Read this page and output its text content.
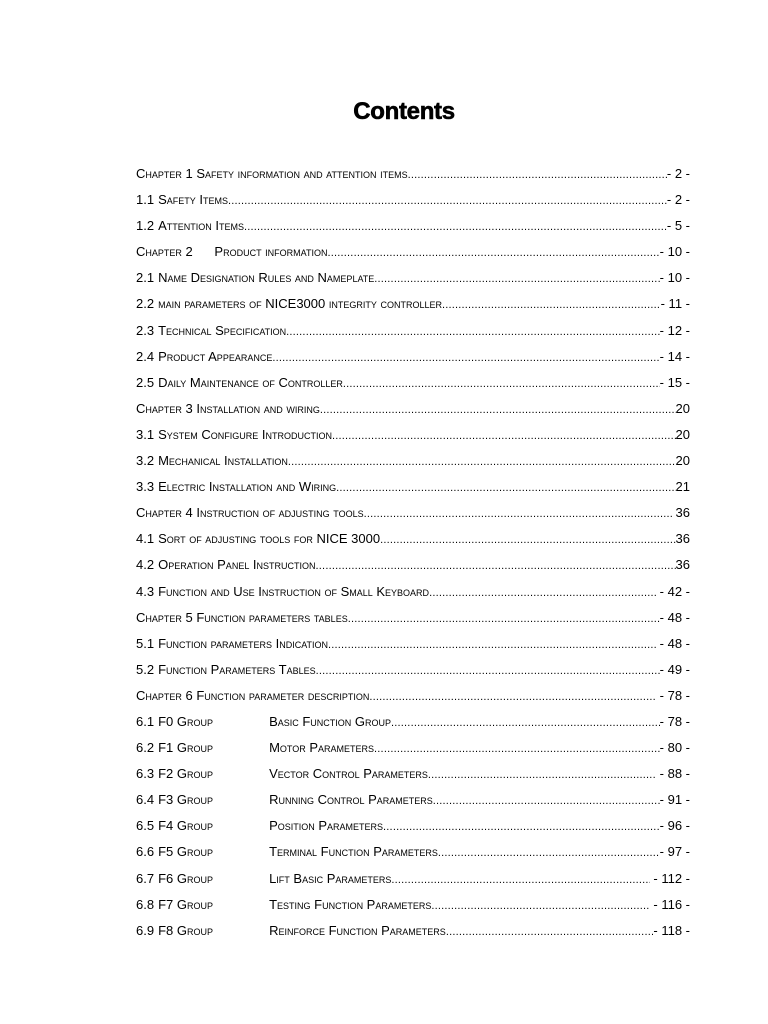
Contents
Chapter 1 Safety information and attention items .....	- 2 -
1.1 Safety Items .....	- 2 -
1.2 Attention Items .....	- 5 -
Chapter 2      Product information .....	- 10 -
2.1 Name Designation Rules and Nameplate .....	- 10 -
2.2 main parameters of NICE3000 integrity controller .....	- 11 -
2.3 Technical Specification .....	- 12 -
2.4 Product Appearance .....	- 14 -
2.5 Daily Maintenance of Controller .....	- 15 -
Chapter 3 Installation and wiring .....	20
3.1 System Configure Introduction .....	20
3.2 Mechanical Installation .....	20
3.3 Electric Installation and Wiring .....	21
Chapter 4 Instruction of adjusting tools .....	36
4.1 Sort of adjusting tools for NICE 3000 .....	36
4.2 Operation Panel Instruction .....	36
4.3 Function and Use Instruction of Small Keyboard .....	- 42 -
Chapter 5 Function parameters tables .....	- 48 -
5.1 Function parameters Indication .....	- 48 -
5.2 Function Parameters Tables .....	- 49 -
Chapter 6 Function parameter description .....	- 78 -
6.1 F0 Group	Basic Function Group .....	- 78 -
6.2 F1 Group	Motor Parameters .....	- 80 -
6.3 F2 Group	Vector Control Parameters .....	- 88 -
6.4 F3 Group	Running Control Parameters .....	- 91 -
6.5 F4 Group	Position Parameters .....	- 96 -
6.6 F5 Group	Terminal Function Parameters .....	- 97 -
6.7 F6 Group	Lift Basic Parameters .....	- 112 -
6.8 F7 Group	Testing Function Parameters .....	- 116 -
6.9 F8 Group	Reinforce Function Parameters .....	- 118 -
